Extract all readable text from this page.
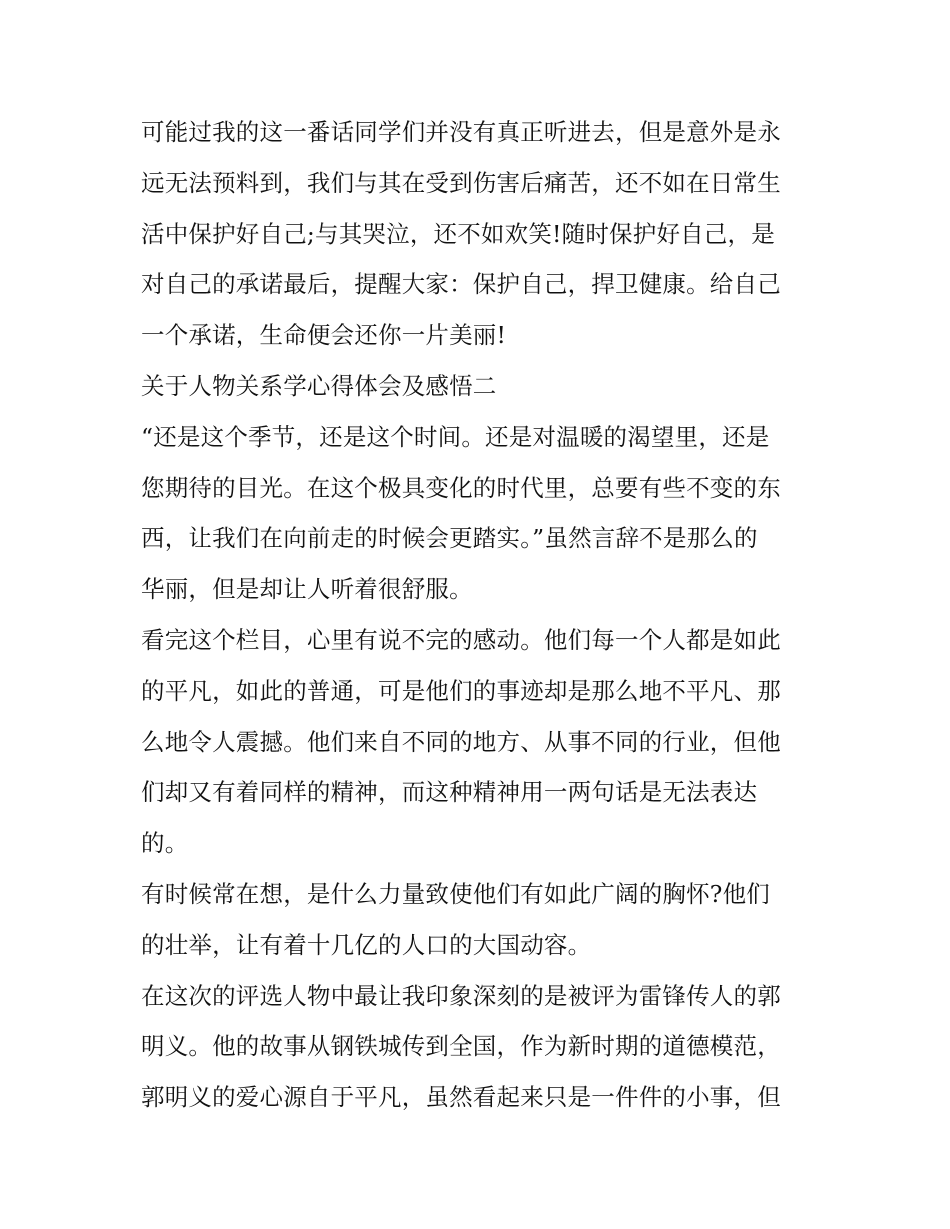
可能过我的这一番话同学们并没有真正听进去，但是意外是永
远无法预料到，我们与其在受到伤害后痛苦，还不如在日常生
活中保护好自己;与其哭泣，还不如欢笑!随时保护好自己，是
对自己的承诺最后，提醒大家：保护自己，捍卫健康。给自己
一个承诺，生命便会还你一片美丽!

关于人物关系学心得体会及感悟二

“还是这个季节，还是这个时间。还是对温暖的渴望里，还是
您期待的目光。在这个极具变化的时代里，总要有些不变的东
西，让我们在向前走的时候会更踏实。”虽然言辞不是那么的
华丽，但是却让人听着很舒服。

看完这个栏目，心里有说不完的感动。他们每一个人都是如此
的平凡，如此的普通，可是他们的事迹却是那么地不平凡、那
么地令人震撼。他们来自不同的地方、从事不同的行业，但他
们却又有着同样的精神，而这种精神用一两句话是无法表达
的。

有时候常在想，是什么力量致使他们有如此广阔的胸怀?他们
的壮举，让有着十几亿的人口的大国动容。

在这次的评选人物中最让我印象深刻的是被评为雷锋传人的郭
明义。他的故事从钢铁城传到全国，作为新时期的道德模范，
郭明义的爱心源自于平凡，虽然看起来只是一件件的小事，但
